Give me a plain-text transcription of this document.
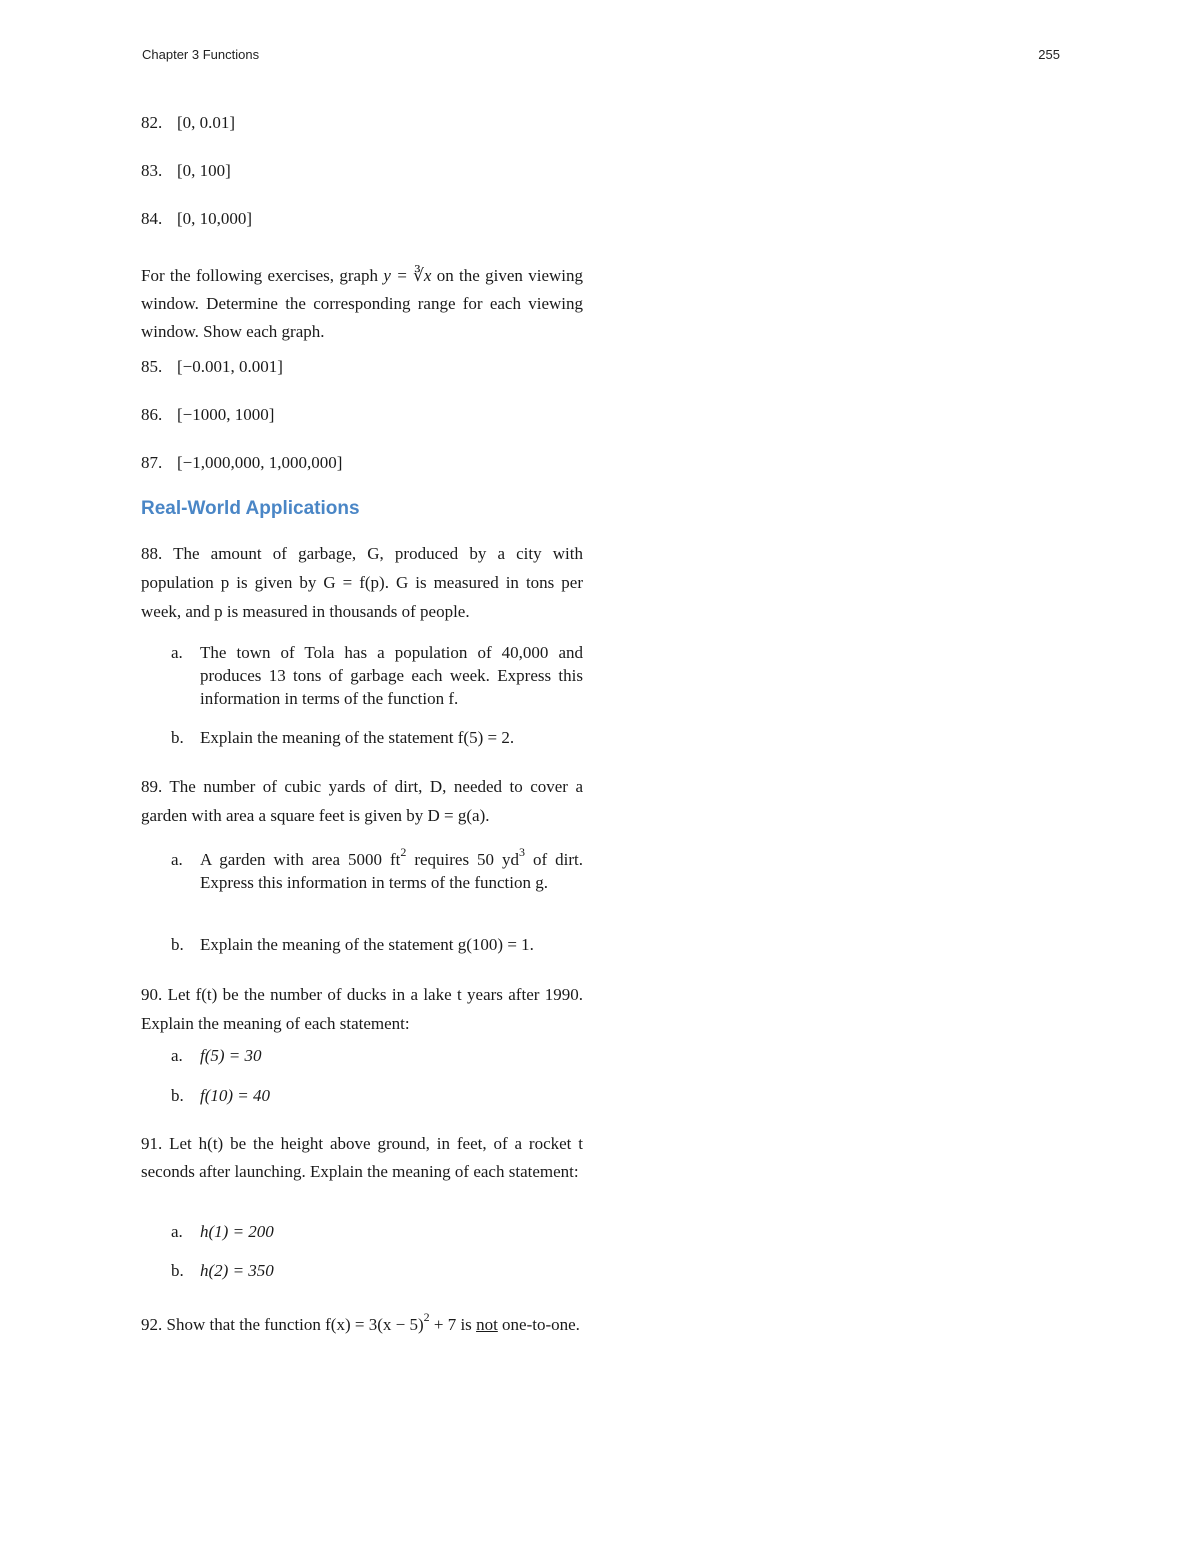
Chapter 3 Functions	255
82. [0, 0.01]
83. [0, 100]
84. [0, 10,000]
For the following exercises, graph y = ∛x on the given viewing window. Determine the corresponding range for each viewing window. Show each graph.
85. [−0.001, 0.001]
86. [−1000, 1000]
87. [−1,000,000, 1,000,000]
Real-World Applications
88. The amount of garbage, G, produced by a city with population p is given by G = f(p). G is measured in tons per week, and p is measured in thousands of people.
a.	The town of Tola has a population of 40,000 and produces 13 tons of garbage each week. Express this information in terms of the function f.
b. Explain the meaning of the statement f(5) = 2.
89. The number of cubic yards of dirt, D, needed to cover a garden with area a square feet is given by D = g(a).
a.	A garden with area 5000 $ft^2$ requires 50 $yd^3$ of dirt. Express this information in terms of the function g.
b. Explain the meaning of the statement g(100) = 1.
90. Let f(t) be the number of ducks in a lake t years after 1990. Explain the meaning of each statement:
a.	f(5) = 30
b. f(10) = 40
91. Let h(t) be the height above ground, in feet, of a rocket t seconds after launching. Explain the meaning of each statement:
a.	h(1) = 200
b. h(2) = 350
92. Show that the function $f(x) = 3(x - 5)^2 + 7$ is not one-to-one.
